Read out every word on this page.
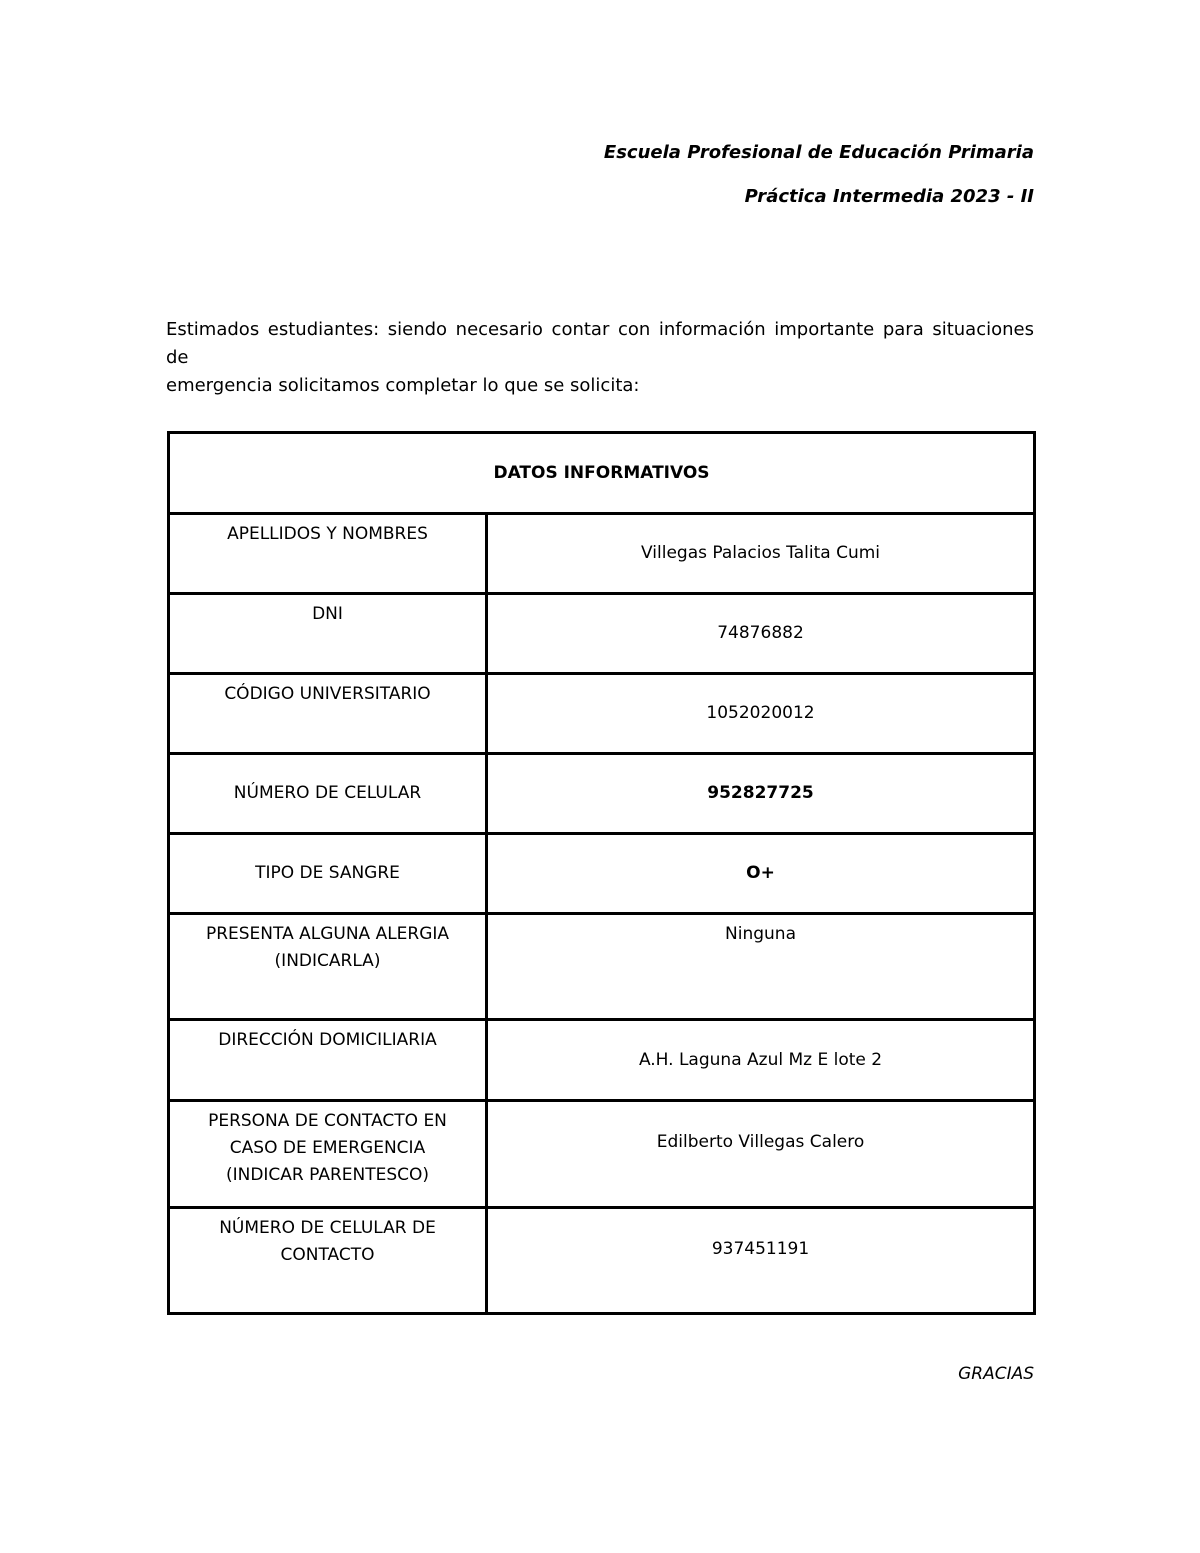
Escuela Profesional de Educación Primaria
Práctica Intermedia 2023 - II
Estimados estudiantes: siendo necesario contar con información importante para situaciones de
emergencia solicitamos completar lo que se solicita:
DATOS INFORMATIVOS	
APELLIDOS Y NOMBRES	Villegas Palacios Talita Cumi
DNI	74876882
CÓDIGO UNIVERSITARIO	1052020012
NÚMERO DE CELULAR	952827725
TIPO DE SANGRE	O+

PRESENTA ALGUNA ALERGIA
(INDICARLA)	Ninguna
DIRECCIÓN DOMICILIARIA	A.H. Laguna Azul Mz E lote 2

PERSONA DE CONTACTO EN
CASO DE EMERGENCIA
(INDICAR PARENTESCO)	Edilberto Villegas Calero

NÚMERO DE CELULAR DE
CONTACTO	937451191
GRACIAS
